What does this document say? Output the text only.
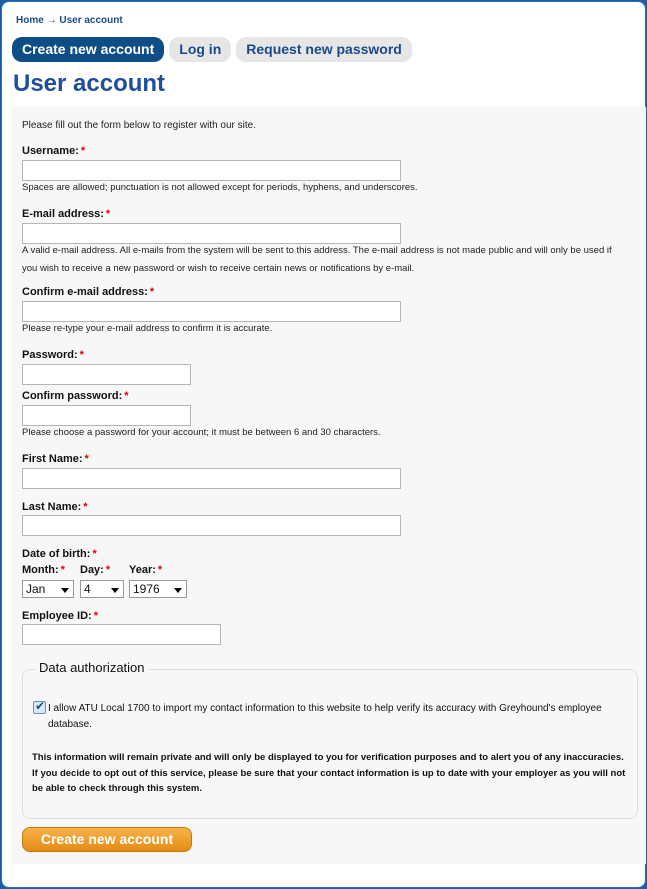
Home → User account
Create new account	Log in	Request new password
User account
Please fill out the form below to register with our site.
Username: *
Spaces are allowed; punctuation is not allowed except for periods, hyphens, and underscores.
E-mail address: *
A valid e-mail address. All e-mails from the system will be sent to this address. The e-mail address is not made public and will only be used if you wish to receive a new password or wish to receive certain news or notifications by e-mail.
Confirm e-mail address: *
Please re-type your e-mail address to confirm it is accurate.
Password: *
Confirm password: *
Please choose a password for your account; it must be between 6 and 30 characters.
First Name: *
Last Name: *
Date of birth: *
Month: * Day: * Year: *
Jan	4	1976
Employee ID: *
Data authorization
✔ I allow ATU Local 1700 to import my contact information to this website to help verify its accuracy with Greyhound's employee database.
This information will remain private and will only be displayed to you for verification purposes and to alert you of any inaccuracies. If you decide to opt out of this service, please be sure that your contact information is up to date with your employer as you will not be able to check through this system.
Create new account
